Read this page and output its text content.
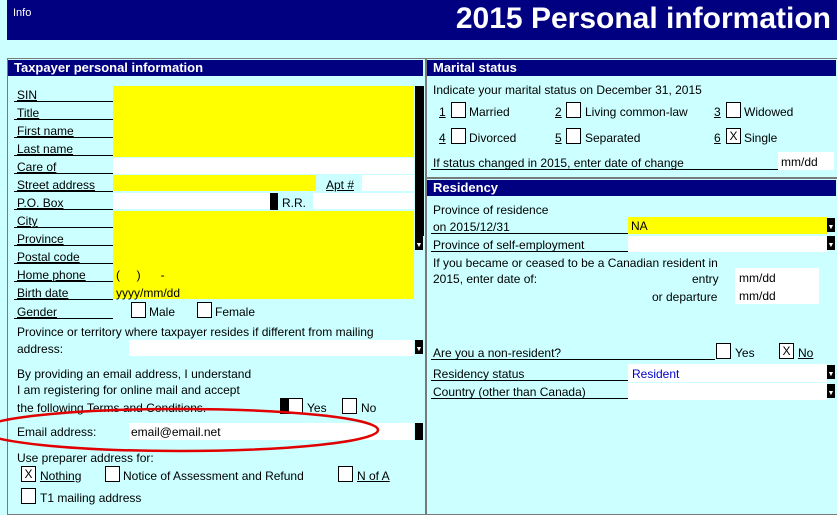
Info	2015 Personal information
Taxpayer personal information
▼
SIN
Title
First name
Last name
Care of
Street address	Apt #
P.O. Box	R.R.
City
Province
Postal code
Home phone	(     )      -
Birth date	yyyy/mm/dd
Gender	Male	Female
Province or territory where taxpayer resides if different from mailing
address:	▼
By providing an email address, I understand
I am registering for online mail and accept
the following Terms and Conditions.	Yes	No
Email address:	email@email.net
Use preparer address for:
X Nothing	Notice of Assessment and Refund	N of A
T1 mailing address
Marital status
Indicate your marital status on December 31, 2015
1 Married	2 Living common-law 3 Widowed
4 Divorced	5 Separated	6 X Single
If status changed in 2015, enter date of change	mm/dd
Residency
Province of residence
on 2015/12/31	NA	▼
Province of self-employment	▼
If you became or ceased to be a Canadian resident in
2015, enter date of:	entry mm/dd
or departure mm/dd
Are you a non-resident?	Yes X No
Residency status	Resident	▼
Country (other than Canada)	▼
